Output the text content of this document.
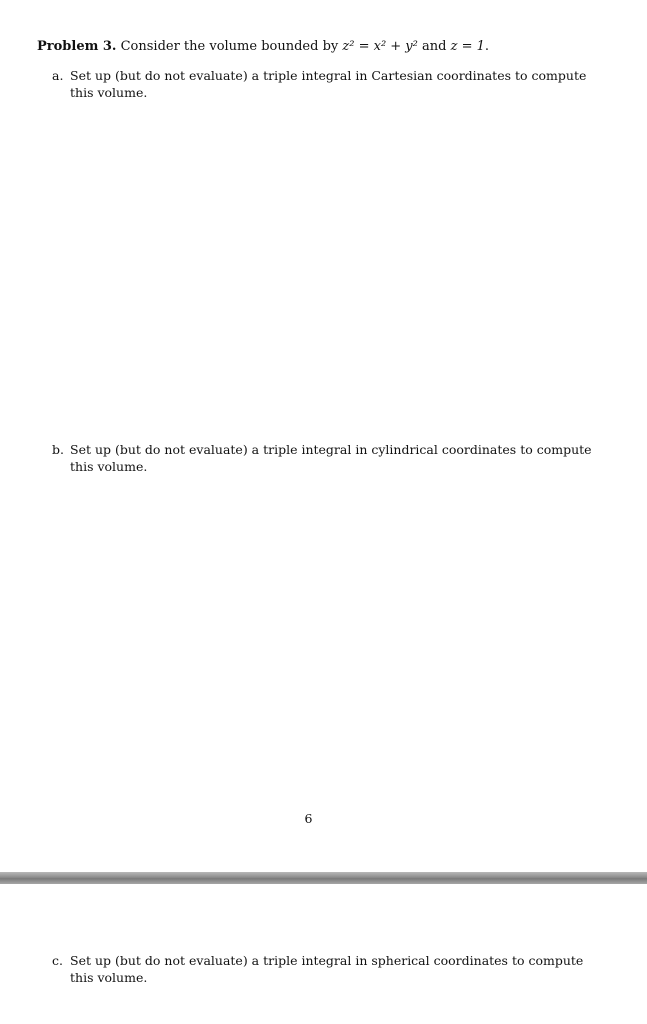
Problem 3. Consider the volume bounded by z² = x² + y² and z = 1.
a. Set up (but do not evaluate) a triple integral in Cartesian coordinates to compute this volume.
b. Set up (but do not evaluate) a triple integral in cylindrical coordinates to compute this volume.
6
c. Set up (but do not evaluate) a triple integral in spherical coordinates to compute this volume.
